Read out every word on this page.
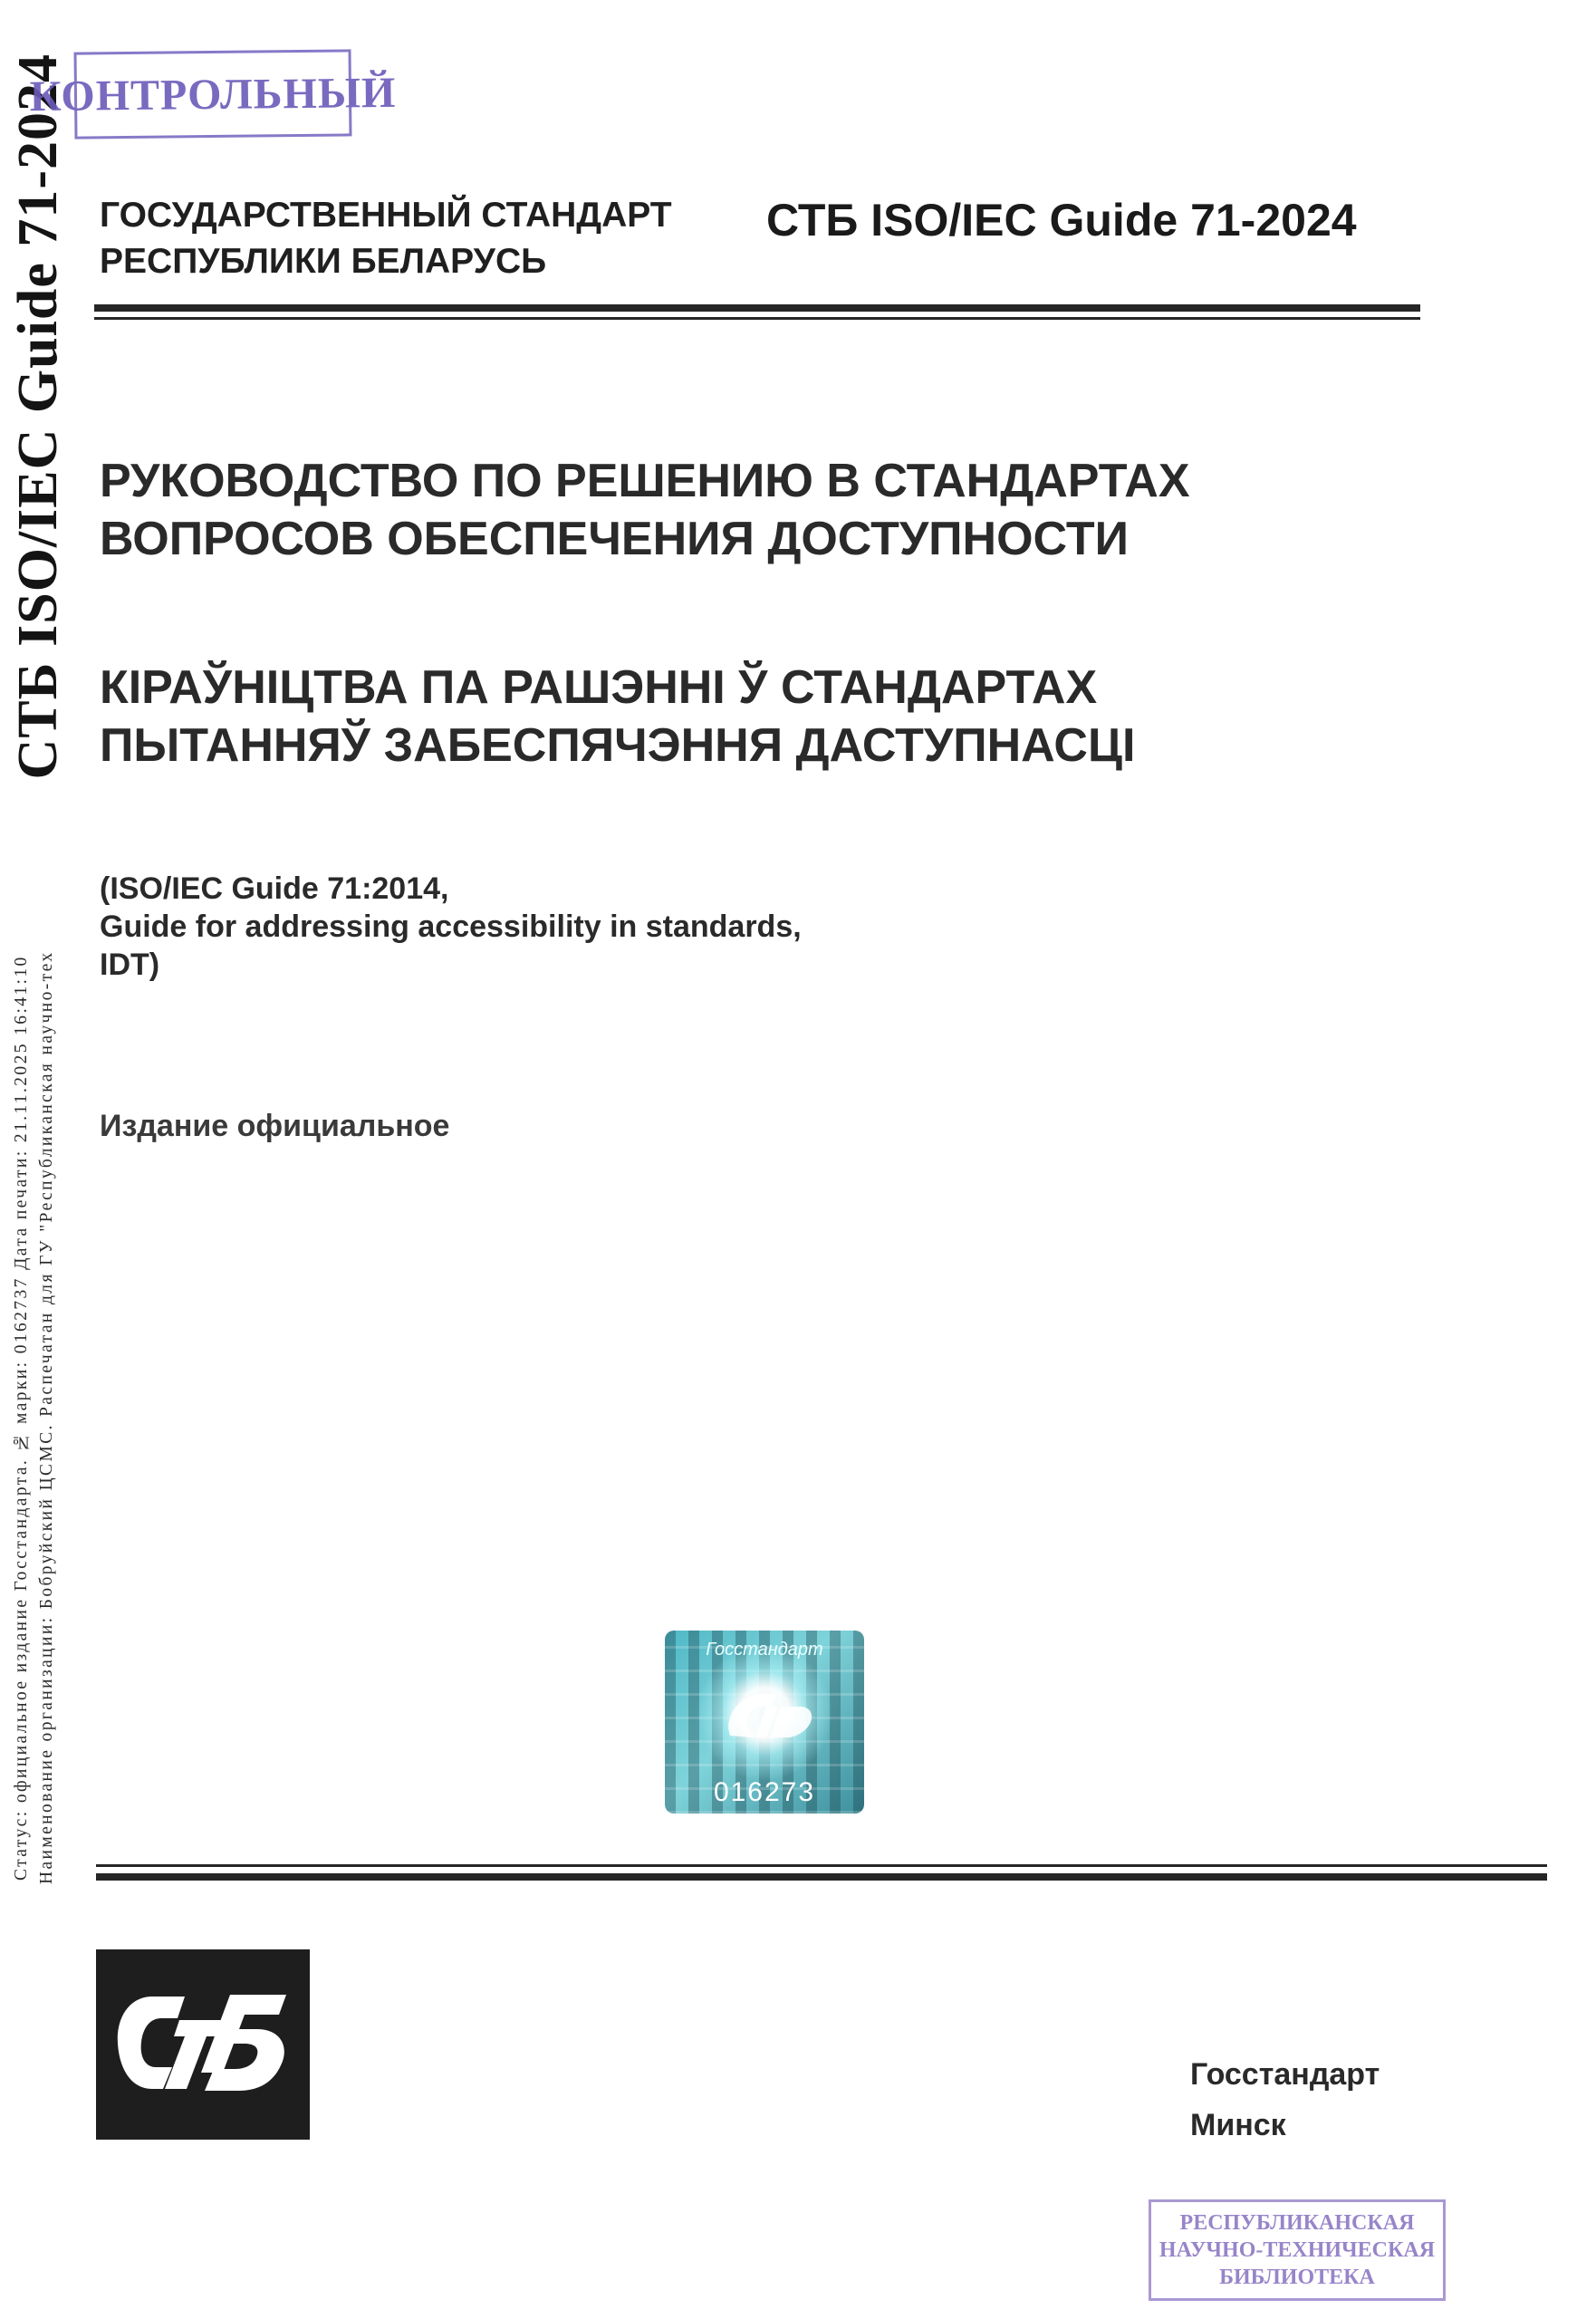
СТБ ISO/IEC Guide 71-2024
Наименование организации: Бобруйский ЦСМС. Распечатан для ГУ "Республиканская научно-тех
Статус: официальное издание Госстандарта. № марки: 0162737 Дата печати: 21.11.2025 16:41:10
КОНТРОЛЬНЫЙ
ГОСУДАРСТВЕННЫЙ СТАНДАРТ
РЕСПУБЛИКИ БЕЛАРУСЬ
СТБ ISO/IEC Guide 71-2024
РУКОВОДСТВО ПО РЕШЕНИЮ В СТАНДАРТАХ
ВОПРОСОВ ОБЕСПЕЧЕНИЯ ДОСТУПНОСТИ
КІРАЎНІЦТВА ПА РАШЭННІ Ў СТАНДАРТАХ
ПЫТАННЯЎ ЗАБЕСПЯЧЭННЯ ДАСТУПНАСЦІ
(ISO/IEC Guide 71:2014,
Guide for addressing accessibility in standards,
IDT)
Издание официальное
Госстандарт
016273
Госстандарт
Минск
РЕСПУБЛИКАНСКАЯ
НАУЧНО-ТЕХНИЧЕСКАЯ
БИБЛИОТЕКА
